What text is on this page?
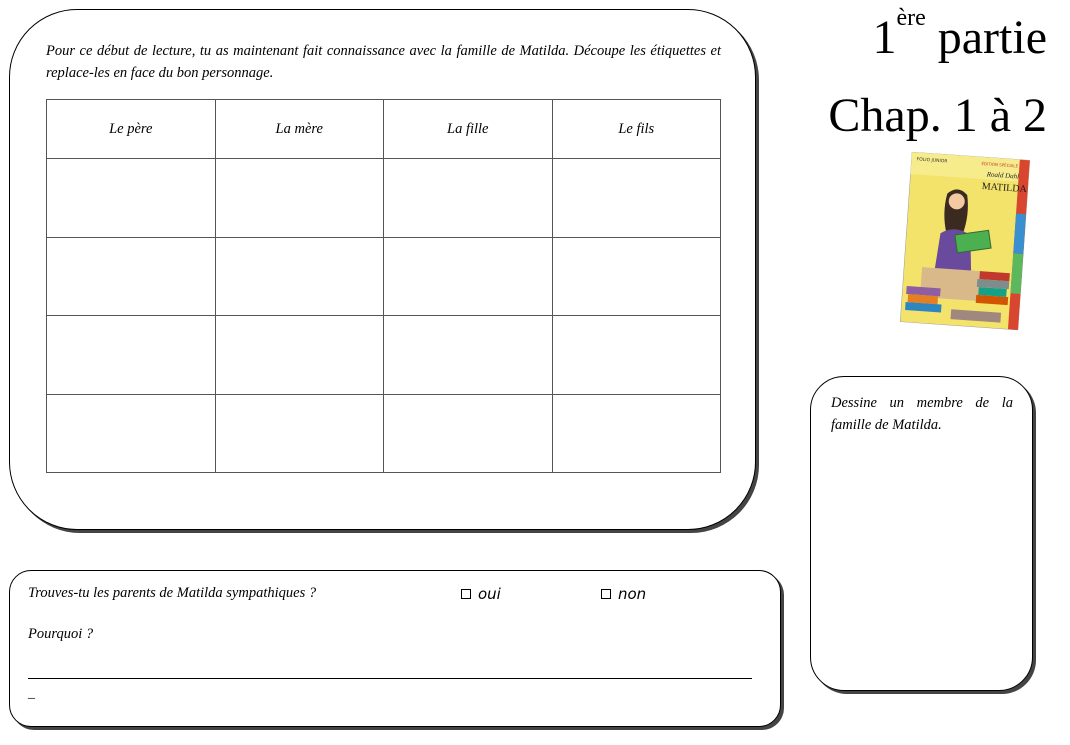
1ère partie
Chap. 1 à 2
FOLIO JUNIOR	ÉDITION SPÉCIALE
Roald Dahl
MATILDA
Pour ce début de lecture, tu as maintenant fait connaissance avec la famille de Matilda. Découpe les étiquettes et replace-les en face du bon personnage.
Le père	La mère	La fille	Le fils

Dessine un membre de la famille de Matilda.
Trouves-tu les parents de Matilda sympathiques ?	oui	non
Pourquoi ?
_
